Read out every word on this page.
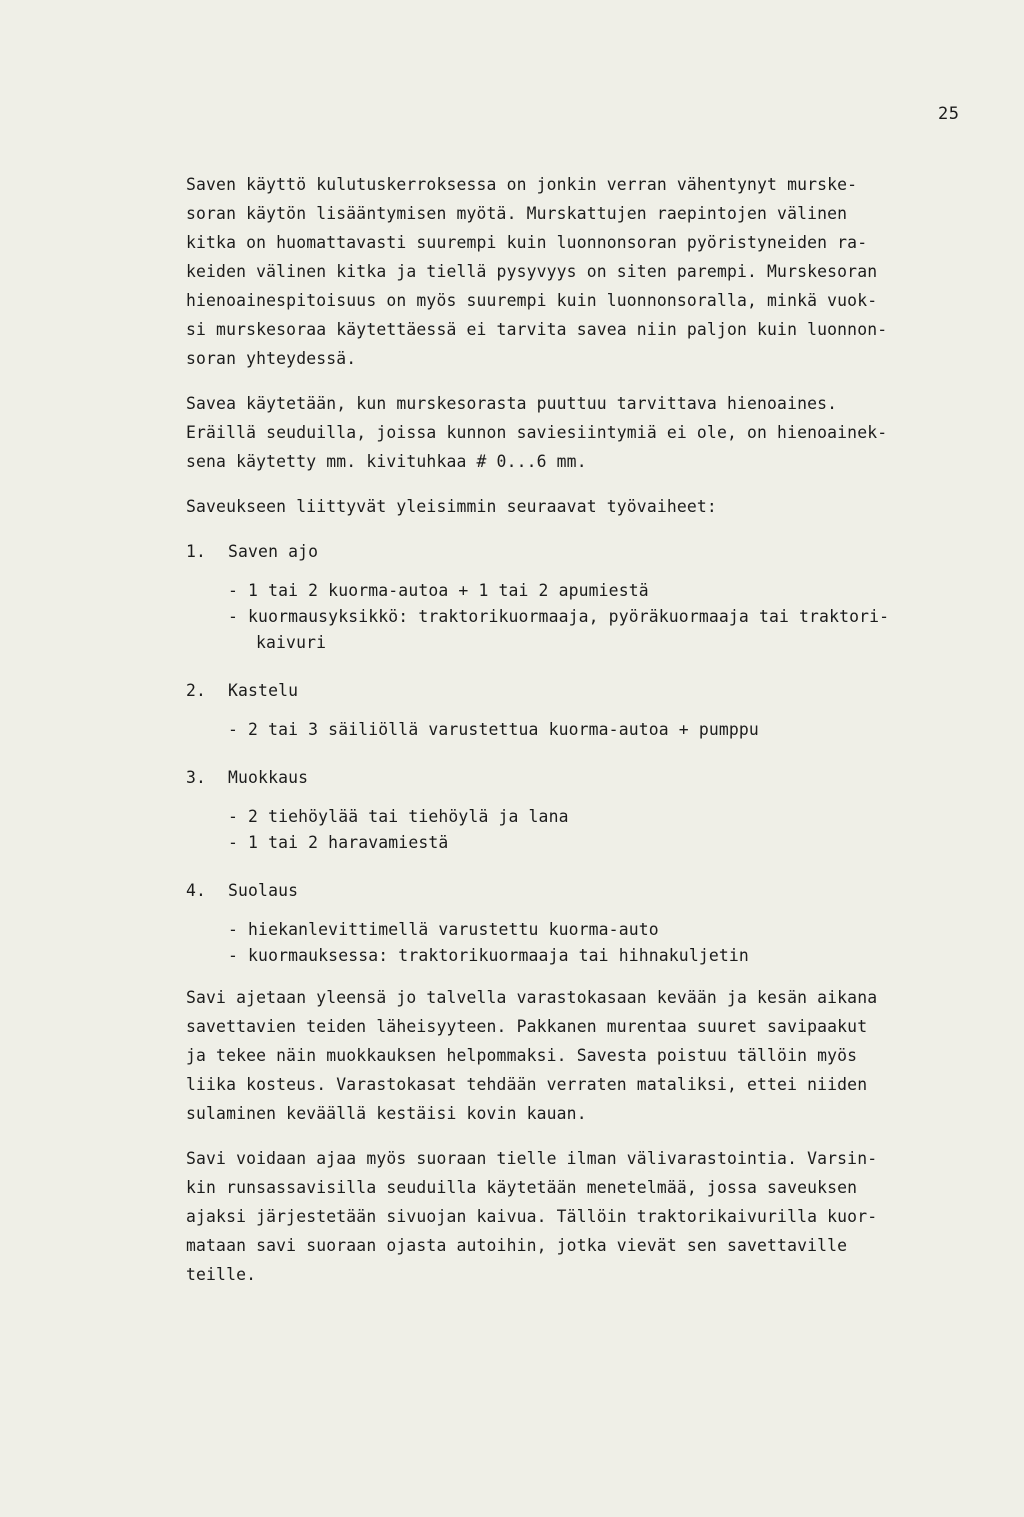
25
Saven käyttö kulutuskerroksessa on jonkin verran vähentynyt murske-
soran käytön lisääntymisen myötä. Murskattujen raepintojen välinen
kitka on huomattavasti suurempi kuin luonnonsoran pyöristyneiden ra-
keiden välinen kitka ja tiellä pysyvyys on siten parempi. Murskesoran
hienoainespitoisuus on myös suurempi kuin luonnonsoralla, minkä vuok-
si murskesoraa käytettäessä ei tarvita savea niin paljon kuin luonnon-
soran yhteydessä.
Savea käytetään, kun murskesorasta puuttuu tarvittava hienoaines.
Eräillä seuduilla, joissa kunnon saviesiintymiä ei ole, on hienoainek-
sena käytetty mm. kivituhkaa # 0...6 mm.
Saveukseen liittyvät yleisimmin seuraavat työvaiheet:
1.	Saven ajo
- 1 tai 2 kuorma-autoa + 1 tai 2 apumiestä
- kuormausyksikkö: traktorikuormaaja, pyöräkuormaaja tai traktori-
kaivuri
2.	Kastelu
- 2 tai 3 säiliöllä varustettua kuorma-autoa + pumppu
3.	Muokkaus
- 2 tiehöylää tai tiehöylä ja lana
- 1 tai 2 haravamiestä
4.	Suolaus
- hiekanlevittimellä varustettu kuorma-auto
- kuormauksessa: traktorikuormaaja tai hihnakuljetin
Savi ajetaan yleensä jo talvella varastokasaan kevään ja kesän aikana
savettavien teiden läheisyyteen. Pakkanen murentaa suuret savipaakut
ja tekee näin muokkauksen helpommaksi. Savesta poistuu tällöin myös
liika kosteus. Varastokasat tehdään verraten mataliksi, ettei niiden
sulaminen keväällä kestäisi kovin kauan.
Savi voidaan ajaa myös suoraan tielle ilman välivarastointia. Varsin-
kin runsassavisilla seuduilla käytetään menetelmää, jossa saveuksen
ajaksi järjestetään sivuojan kaivua. Tällöin traktorikaivurilla kuor-
mataan savi suoraan ojasta autoihin, jotka vievät sen savettaville
teille.
